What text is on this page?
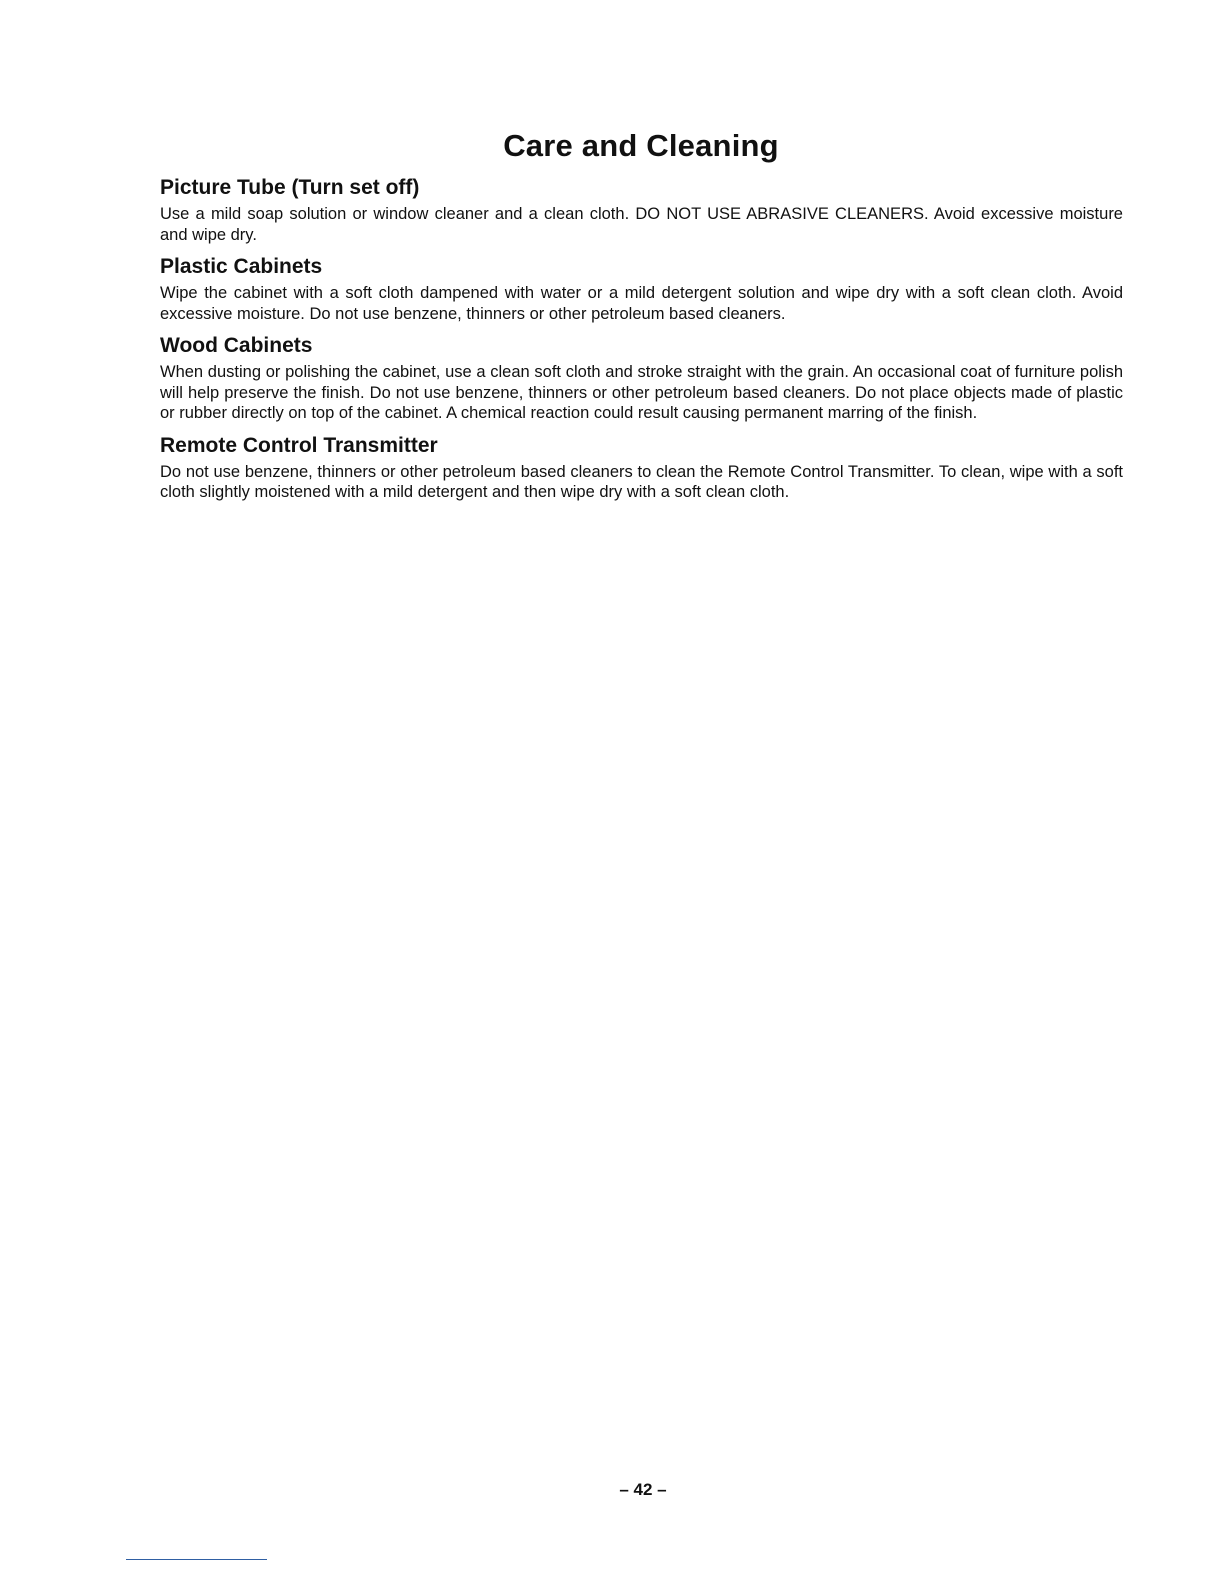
Care and Cleaning
Picture Tube (Turn set off)

Use a mild soap solution or window cleaner and a clean cloth. DO NOT USE ABRASIVE CLEANERS. Avoid excessive moisture and wipe dry.

Plastic Cabinets

Wipe the cabinet with a soft cloth dampened with water or a mild detergent solution and wipe dry with a soft clean cloth. Avoid excessive moisture. Do not use benzene, thinners or other petroleum based cleaners.

Wood Cabinets

When dusting or polishing the cabinet, use a clean soft cloth and stroke straight with the grain. An occasional coat of furniture polish will help preserve the finish. Do not use benzene, thinners or other petroleum based cleaners. Do not place objects made of plastic or rubber directly on top of the cabinet. A chemical reaction could result causing permanent marring of the finish.

Remote Control Transmitter

Do not use benzene, thinners or other petroleum based cleaners to clean the Remote Control Transmitter. To clean, wipe with a soft cloth slightly moistened with a mild detergent and then wipe dry with a soft clean cloth.

– 42 –
